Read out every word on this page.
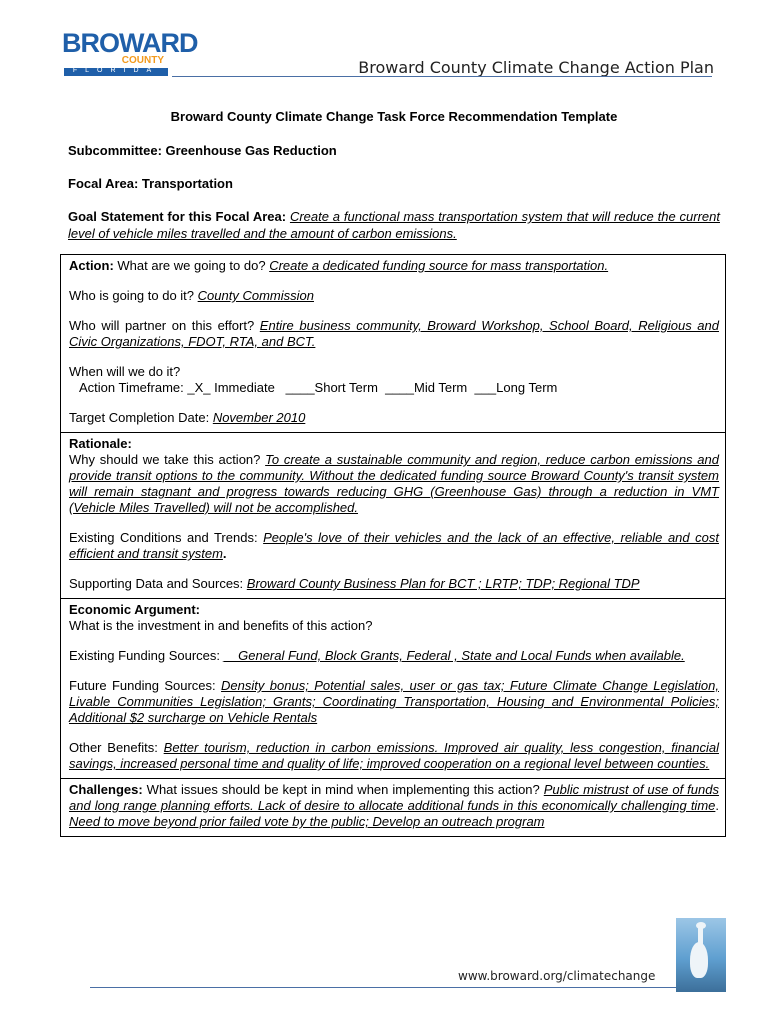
BROWARD
COUNTY
FLORIDA	Broward County Climate Change Action Plan
Broward County Climate Change Task Force Recommendation Template
Subcommittee: Greenhouse Gas Reduction
Focal Area: Transportation
Goal Statement for this Focal Area: Create a functional mass transportation system that will reduce the current level of vehicle miles travelled and the amount of carbon emissions.
Action: What are we going to do? Create a dedicated funding source for mass transportation.
Who is going to do it? County Commission
Who will partner on this effort? Entire business community, Broward Workshop, School Board, Religious and Civic Organizations, FDOT, RTA, and BCT.
When will we do it?
Action Timeframe: _X_ Immediate   ____Short Term  ____Mid Term  ___Long Term
Target Completion Date: November 2010
Rationale:
Why should we take this action? To create a sustainable community and region, reduce carbon emissions and provide transit options to the community. Without the dedicated funding source Broward County's transit system will remain stagnant and progress towards reducing GHG (Greenhouse Gas) through a reduction in VMT (Vehicle Miles Travelled) will not be accomplished.
Existing Conditions and Trends: People's love of their vehicles and the lack of an effective, reliable and cost efficient and transit system.
Supporting Data and Sources: Broward County Business Plan for BCT ; LRTP; TDP; Regional TDP
Economic Argument:
What is the investment in and benefits of this action?
Existing Funding Sources: __General Fund, Block Grants, Federal , State and Local Funds when available.
Future Funding Sources: Density bonus; Potential sales, user or gas tax; Future Climate Change Legislation, Livable Communities Legislation; Grants; Coordinating Transportation, Housing and Environmental Policies; Additional $2 surcharge on Vehicle Rentals
Other Benefits: Better tourism, reduction in carbon emissions. Improved air quality, less congestion, financial savings, increased personal time and quality of life; improved cooperation on a regional level between counties.
Challenges: What issues should be kept in mind when implementing this action? Public mistrust of use of funds and long range planning efforts. Lack of desire to allocate additional funds in this economically challenging time. Need to move beyond prior failed vote by the public; Develop an outreach program
www.broward.org/climatechange
